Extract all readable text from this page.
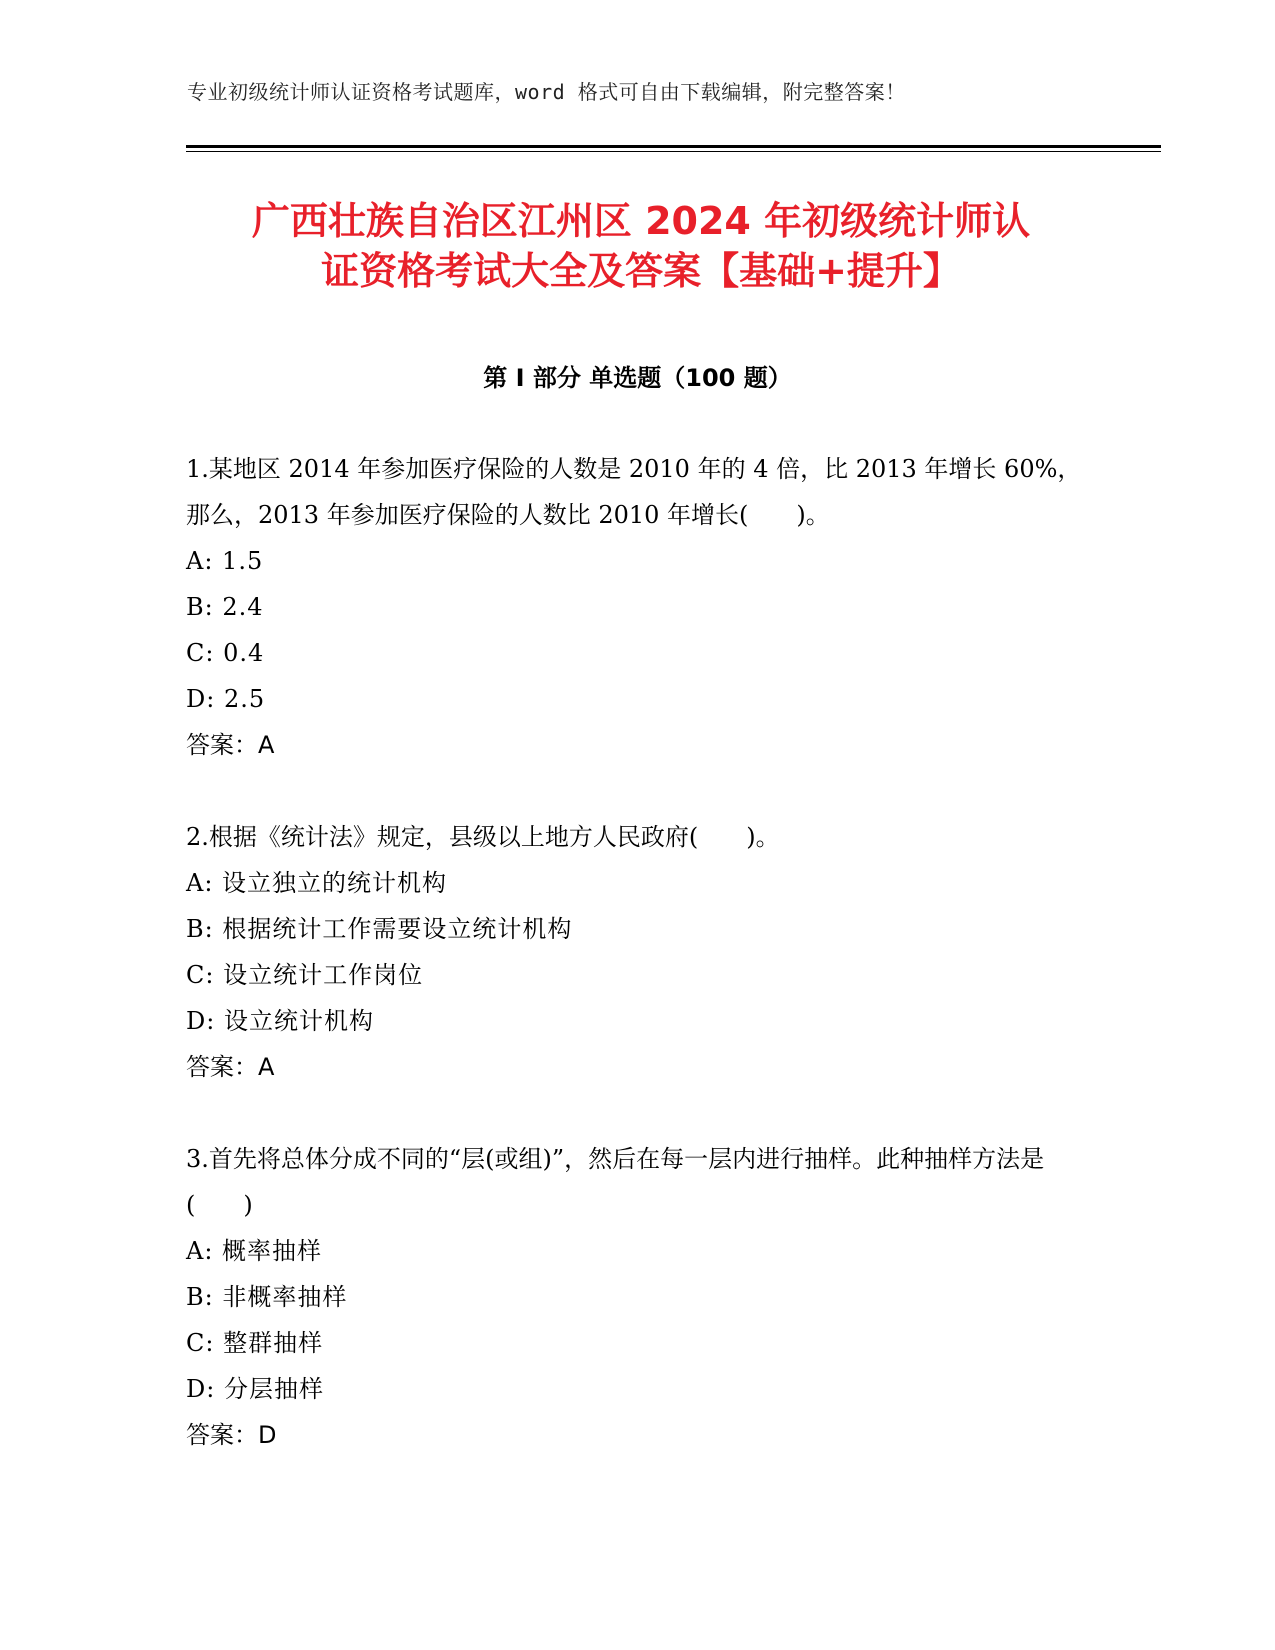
专业初级统计师认证资格考试题库，word 格式可自由下载编辑，附完整答案！
广西壮族自治区江州区 2024 年初级统计师认
证资格考试大全及答案【基础+提升】
第 I 部分 单选题（100 题）

1.某地区 2014 年参加医疗保险的人数是 2010 年的 4 倍，比 2013 年增长 60%，那么，2013 年参加医疗保险的人数比 2010 年增长(　　)。

A: 1.5

B: 2.4

C: 0.4

D: 2.5

答案：A

2.根据《统计法》规定，县级以上地方人民政府(　　)。

A: 设立独立的统计机构

B: 根据统计工作需要设立统计机构

C: 设立统计工作岗位

D: 设立统计机构

答案：A

3.首先将总体分成不同的“层(或组)”，然后在每一层内进行抽样。此种抽样方法是(　　)

A: 概率抽样

B: 非概率抽样

C: 整群抽样

D: 分层抽样

答案：D
